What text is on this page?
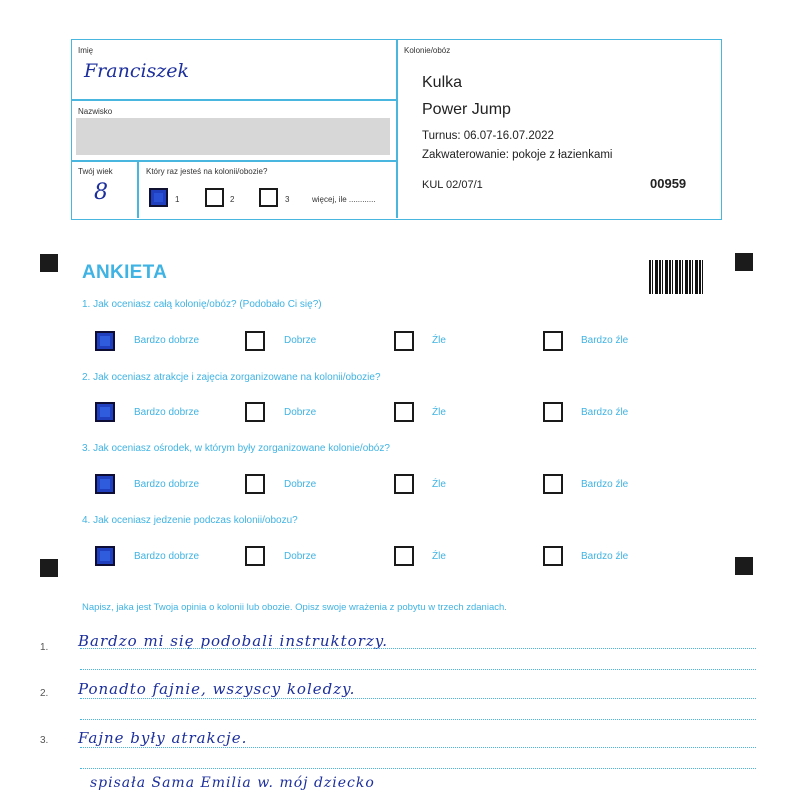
Imię
Franciszek
Nazwisko
Twój wiek
8
Który raz jesteś na kolonii/obozie?
1	2	3	więcej, ile ............
Kolonie/obóz
Kulka
Power Jump
Turnus: 06.07-16.07.2022
Zakwaterowanie: pokoje z łazienkami
KUL 02/07/1	00959
ANKIETA
1. Jak oceniasz całą kolonię/obóz? (Podobało Ci się?)
Bardzo dobrze	Dobrze	Źle	Bardzo źle
2. Jak oceniasz atrakcje i zajęcia zorganizowane na kolonii/obozie?
Bardzo dobrze	Dobrze	Źle	Bardzo źle
3. Jak oceniasz ośrodek, w którym były zorganizowane kolonie/obóz?
Bardzo dobrze	Dobrze	Źle	Bardzo źle
4. Jak oceniasz jedzenie podczas kolonii/obozu?
Bardzo dobrze	Dobrze	Źle	Bardzo źle
Napisz, jaka jest Twoja opinia o kolonii lub obozie. Opisz swoje wrażenia z pobytu w trzech zdaniach.
1. Bardzo mi się podobali instruktorzy.
2. Ponadto fajnie, wszyscy koledzy.
3. Fajne były atrakcje.
spisała Sama Emilia w. mój dziecko
